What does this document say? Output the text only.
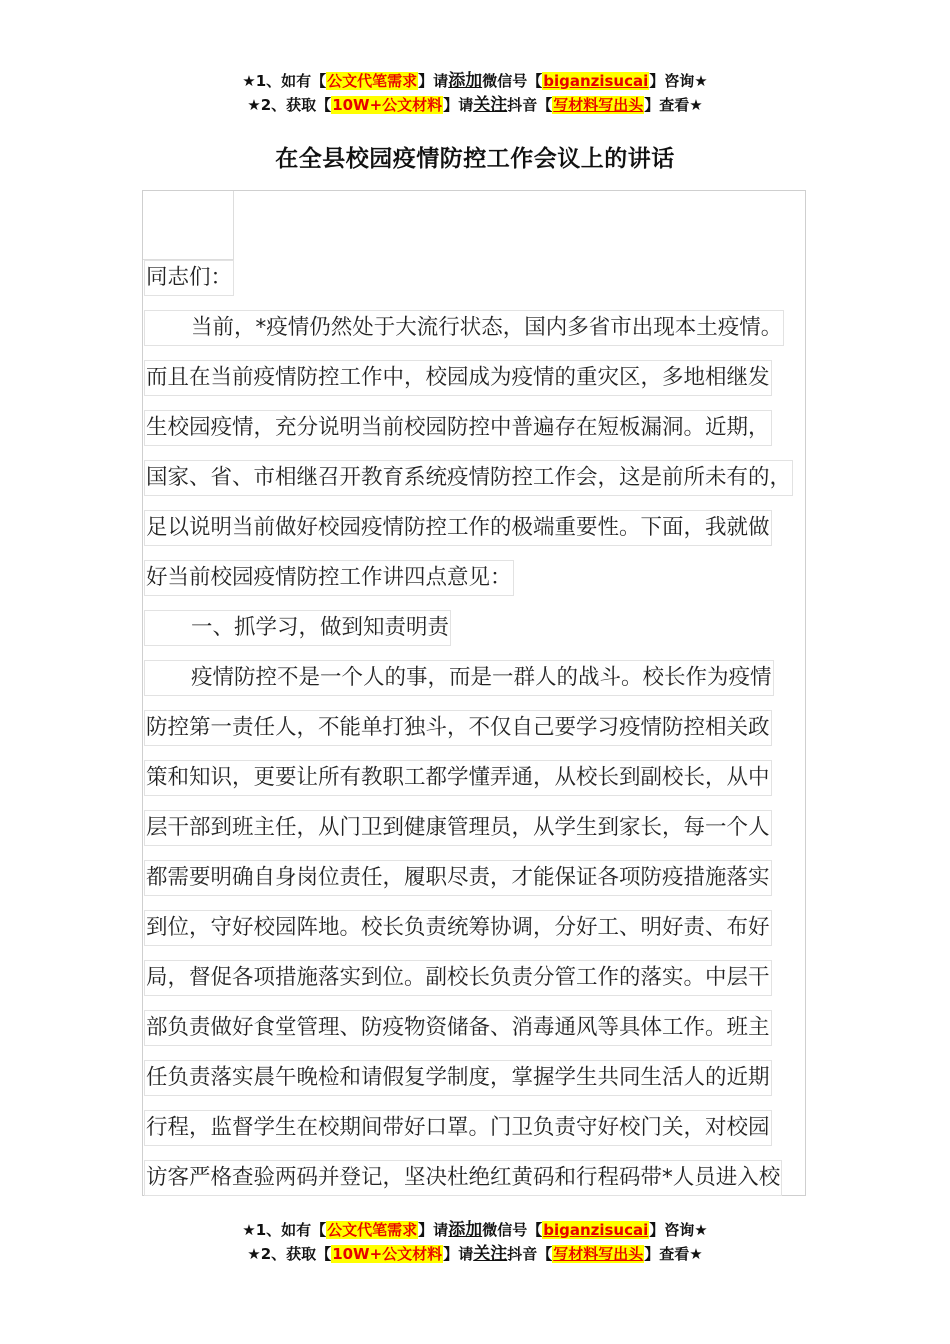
★1、如有【公文代笔需求】请添加微信号【biganzisucai】咨询★
★2、获取【10W+公文材料】请关注抖音【写材料写出头】查看★
在全县校园疫情防控工作会议上的讲话
同志们：
当前，*疫情仍然处于大流行状态，国内多省市出现本土疫情。
而且在当前疫情防控工作中，校园成为疫情的重灾区，多地相继发
生校园疫情，充分说明当前校园防控中普遍存在短板漏洞。近期，
国家、省、市相继召开教育系统疫情防控工作会，这是前所未有的，
足以说明当前做好校园疫情防控工作的极端重要性。下面，我就做
好当前校园疫情防控工作讲四点意见：
一、抓学习，做到知责明责
疫情防控不是一个人的事，而是一群人的战斗。校长作为疫情
防控第一责任人，不能单打独斗，不仅自己要学习疫情防控相关政
策和知识，更要让所有教职工都学懂弄通，从校长到副校长，从中
层干部到班主任，从门卫到健康管理员，从学生到家长，每一个人
都需要明确自身岗位责任，履职尽责，才能保证各项防疫措施落实
到位，守好校园阵地。校长负责统筹协调，分好工、明好责、布好
局，督促各项措施落实到位。副校长负责分管工作的落实。中层干
部负责做好食堂管理、防疫物资储备、消毒通风等具体工作。班主
任负责落实晨午晚检和请假复学制度，掌握学生共同生活人的近期
行程，监督学生在校期间带好口罩。门卫负责守好校门关，对校园
访客严格查验两码并登记，坚决杜绝红黄码和行程码带*人员进入校
★1、如有【公文代笔需求】请添加微信号【biganzisucai】咨询★
★2、获取【10W+公文材料】请关注抖音【写材料写出头】查看★
